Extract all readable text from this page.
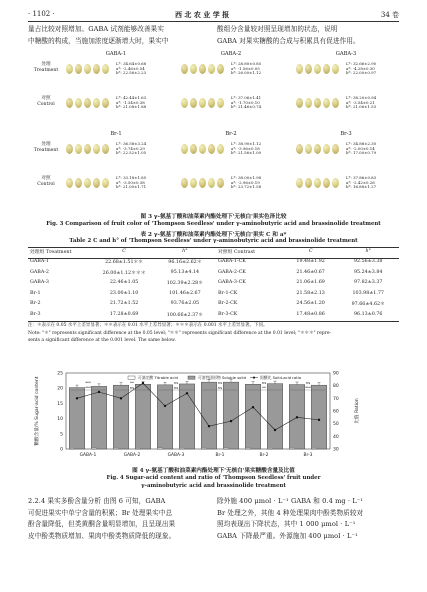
· 1102 ·	西 北 农 业 学 报	34 卷
量占比较对照增加。GABA 试剂能够改善果实
中糖酸的构成，当施加浓度逐渐增大时，果实中
酸组分含量较对照呈现增加的状态，说明
GABA 对果实糖酸的合成与积累具有促进作用。
GABA-1
L*: 34.64±0.68
a*: -2.46±0.54
b*: 22.56±2.23
L*: 42.44±1.63
a*: -1.34±0.38
b*: 21.08±1.88
处理
Treatment
对照
Control
GABA-2
L*: 28.80±0.85
a*: -1.56±0.05
b*: 26.00±1.12
L*: 37.06±1.41
a*: -1.70±0.10
b*: 21.46±0.74
GABA-3
L*: 32.66±2.90
a*: -4.28±0.30
b*: 22.00±0.97
L*: 38.20±0.94
a*: -3.54±0.21
b*: 21.06±1.53
Br-1
L*: 36.58±3.24
a*: -3.74±0.29
b*: 22.52±1.05
L*: 33.18±1.85
a*: -3.50±0.38
b*: 21.00±1.71
处理
Treatment
对照
Control
Br-2
L*: 38.90±1.12
a*: -3.96±0.18
b*: 21.56±1.00
L*: 38.00±1.98
a*: -2.96±0.19
b*: 23.72±1.58
Br-3
L*: 34.88±2.30
a*: -2.00±0.14
b*: 17.00±0.79
L*: 37.86±0.83
a*: -2.42±0.26
b*: 16.88±1.27
图 3 γ-氨基丁酸和油菜素内酯处理下'无核白'果实色泽比较
Fig. 3 Comparison of fruit color of 'Thompson Seedless' under γ-aminobutyric acid and brassinolide treatment
表 2 γ-氨基丁酸和油菜素内酯处理下'无核白'果实 C 和 a*
Table 2 C and h° of 'Thompson Seedless' under γ-aminobutyric acid and brassinolide treatment
处理组 Treatment	C	h°
GABA-1	22.68±1.51＊＊	96.16±2.62＊
GABA-2	26.00±1.12＊＊＊	95.13±4.14
GABA-3	22.46±1.05	102.39±2.28＊
Br-1	23.00±1.10	101.46±2.67
Br-2	21.72±1.52	93.76±2.05
Br-3	17.28±0.69	100.66±2.37＊
对照组 Contrast	C	h°
GABA-1-CK	19.48±1.92	92.56±3.38
GABA-2-CK	21.46±0.67	95.24±3.84
GABA-3-CK	21.06±1.69	97.82±3.37
Br-1-CK	21.58±2.13	103.98±1.77
Br-2-CK	24.56±1.20	97.66±4.62＊
Br-3-CK	17.48±0.86	96.13±0.76
注：＊表示在 0.05 水平上差异显著；＊＊表示在 0.01 水平上差异显著；＊＊＊表示在 0.001 水平上差异显著。下同。
Note: "＊" represents significant difference at the 0.05 level; "＊＊" represents significant difference at the 0.01 level; "＊＊＊" repre-
sents a significant difference at the 0.001 level. The same below.
0
5
10
15
20
25
30
40
50
60
70
80
90
糖酸含量/% Sugar-acid content	比值 Ration
可滴定酸 Titrable acid	可溶性固形物 Soluble solid	固酸比 Solid-acid ratio
***
***
**
ns
ns
ns
ns
ns
ns
**
ns
***
GABA-1	GABA-2	GABA-3	Br-1	Br-2	Br-3
图 4 γ-氨基丁酸和油菜素内酯处理下'无核白'果实糖酸含量及比值
Fig. 4 Sugar-acid content and ratio of 'Thompson Seedless' fruit under
γ-aminobutyric acid and brassinolide treatment
2.2.4 果实多酚含量分析 由图 6 可知，GABA
可促进果实中单宁含量的积累；Br 处理果实中总
酚含量降低，但类黄酮含量明显增加，且呈现出果
皮中酚类物质增加、果肉中酚类物质降低的现象。
除外施 400 μmol · L⁻¹ GABA 和 0.4 mg · L⁻¹
Br 处理之外，其他 4 种处理果肉中酚类物质较对
照均表现出下降状态，其中 1 000 μmol · L⁻¹
GABA 下降最严重。外源施加 400 μmol · L⁻¹
